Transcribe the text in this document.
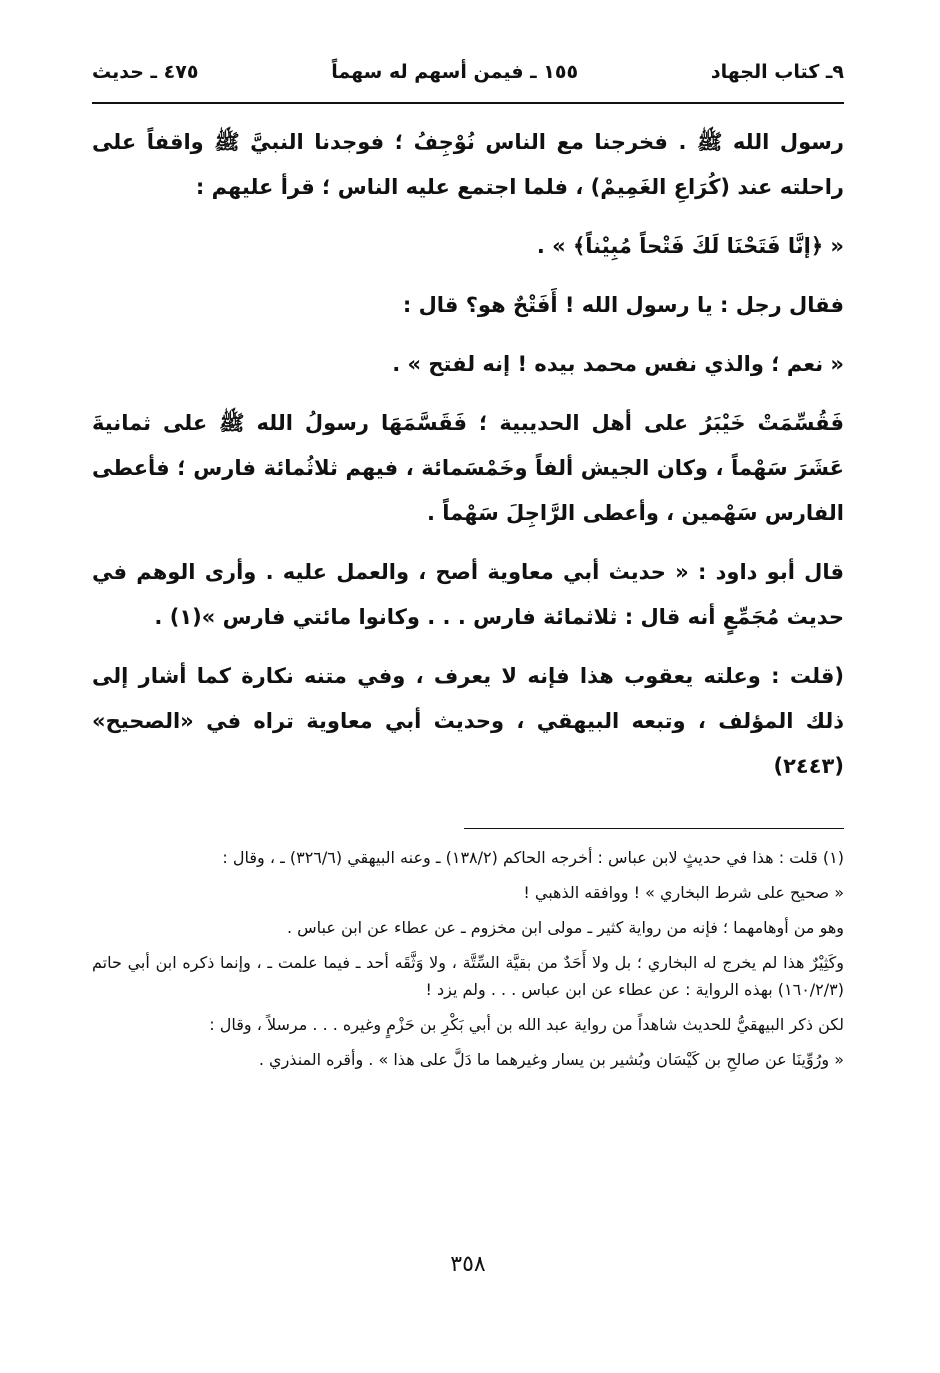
٩ـ كتاب الجهاد
١٥٥ ـ فيمن أسهم له سهماً
٤٧٥ ـ حديث

رسول الله ﷺ . فخرجنا مع الناس نُوْجِفُ ؛ فوجدنا النبيَّ ﷺ واقفاً على راحلته عند (كُرَاعِ الغَمِيمْ) ، فلما اجتمع عليه الناس ؛ قرأ عليهم :

« ﴿إنَّا فَتَحْنَا لَكَ فَتْحاً مُبِيْناً﴾ » .

فقال رجل : يا رسول الله ! أَفَتْحٌ هو؟ قال :

« نعم ؛ والذي نفس محمد بيده ! إنه لفتح » .

فَقُسِّمَتْ خَيْبَرُ على أهل الحديبية ؛ فَقَسَّمَهَا رسولُ الله ﷺ على ثمانيةَ عَشَرَ سَهْماً ، وكان الجيش ألفاً وخَمْسَمائة ، فيهم ثلاثُمائة فارس ؛ فأعطى الفارس سَهْمين ، وأعطى الرَّاجِلَ سَهْماً .

قال أبو داود : « حديث أبي معاوية أصح ، والعمل عليه . وأرى الوهم في حديث مُجَمِّعٍ أنه قال : ثلاثمائة فارس . . . وكانوا مائتي فارس »(١) .

(قلت : وعلته يعقوب هذا فإنه لا يعرف ، وفي متنه نكارة كما أشار إلى ذلك المؤلف ، وتبعه البيهقي ، وحديث أبي معاوية تراه في «الصحيح» (٢٤٤٣)

(١) قلت : هذا في حديثٍ لابن عباس : أخرجه الحاكم (١٣٨/٢) ـ وعنه البيهقي (٣٢٦/٦) ـ ، وقال :

« صحيح على شرط البخاري » ! ووافقه الذهبي !

وهو من أوهامهما ؛ فإنه من رواية كثير ـ مولى ابن مخزوم ـ عن عطاء عن ابن عباس .

وكَثِيْرٌ هذا لم يخرج له البخاري ؛ بل ولا أَحَدٌ من بقيَّة السِّتَّة ، ولا وَثَّقَه أحد ـ فيما علمت ـ ، وإنما ذكره ابن أبي حاتم (١٦٠/٢/٣) بهذه الرواية : عن عطاء عن ابن عباس . . . ولم يزد !

لكن ذكر البيهقيُّ للحديث شاهداً من رواية عبد الله بن أبي بَكْرِ بن حَزْمٍ وغيره . . . مرسلاً ، وقال :

« ورُوِّينَا عن صالحِ بن كَيْسَان وبُشير بن يسار وغيرهما ما دَلَّ على هذا » . وأقره المنذري .

٣٥٨
